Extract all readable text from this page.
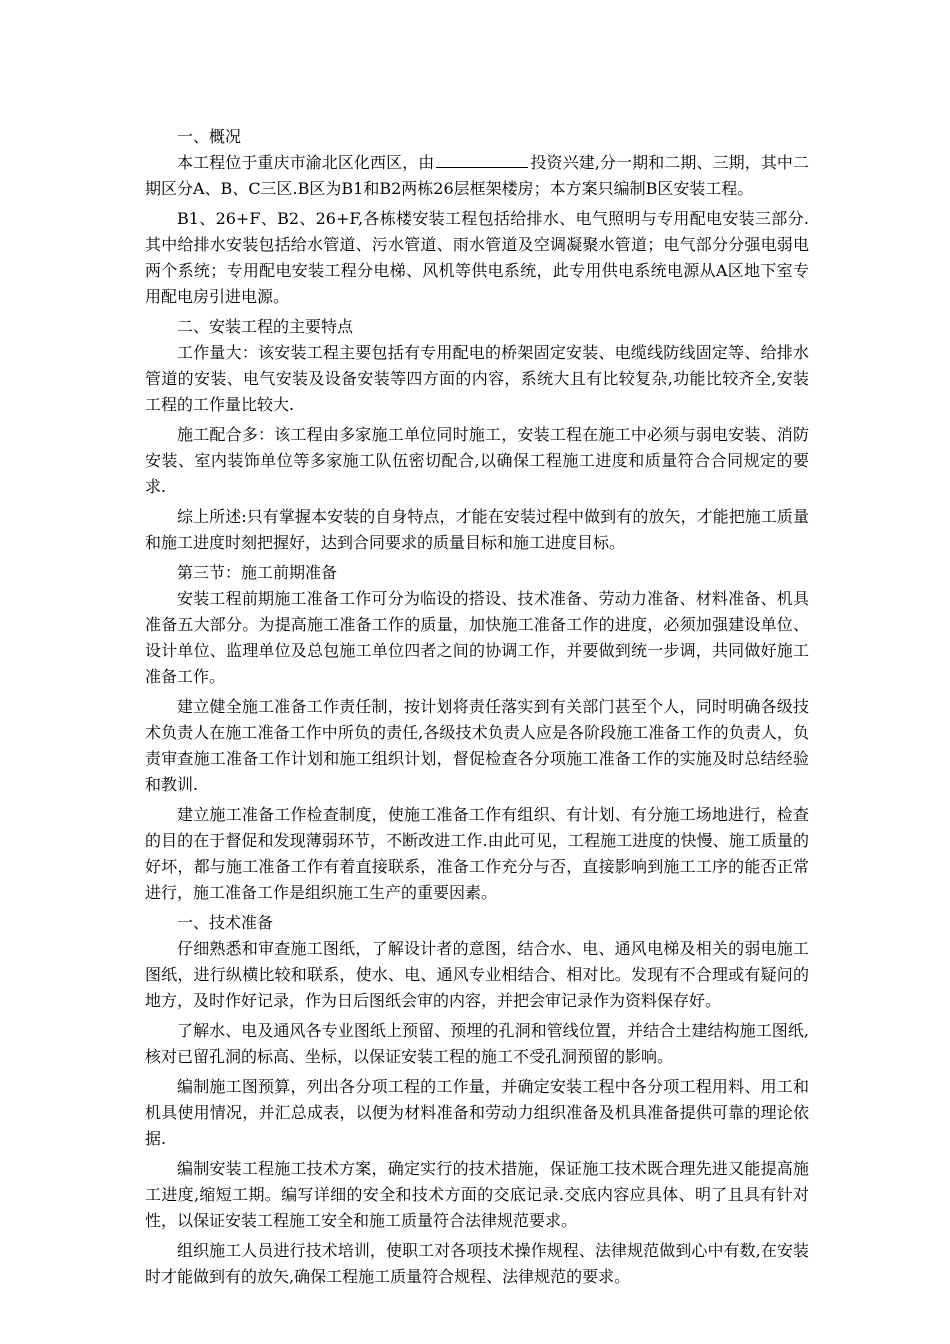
一、概况

本工程位于重庆市渝北区化西区，由	投资兴建,分一期和二期、三期，其中二期区分A、B、C三区.B区为B1和B2两栋26层框架楼房；本方案只编制B区安装工程。

B1、26+F、B2、26+F,各栋楼安装工程包括给排水、电气照明与专用配电安装三部分.其中给排水安装包括给水管道、污水管道、雨水管道及空调凝聚水管道；电气部分分强电弱电两个系统；专用配电安装工程分电梯、风机等供电系统，此专用供电系统电源从A区地下室专用配电房引进电源。

二、安装工程的主要特点

工作量大：该安装工程主要包括有专用配电的桥架固定安装、电缆线防线固定等、给排水管道的安装、电气安装及设备安装等四方面的内容，系统大且有比较复杂,功能比较齐全,安装工程的工作量比较大.

施工配合多：该工程由多家施工单位同时施工，安装工程在施工中必须与弱电安装、消防安装、室内装饰单位等多家施工队伍密切配合,以确保工程施工进度和质量符合合同规定的要求.

综上所述:只有掌握本安装的自身特点，才能在安装过程中做到有的放矢，才能把施工质量和施工进度时刻把握好，达到合同要求的质量目标和施工进度目标。

第三节：施工前期准备

安装工程前期施工准备工作可分为临设的搭设、技术准备、劳动力准备、材料准备、机具准备五大部分。为提高施工准备工作的质量，加快施工准备工作的进度，必须加强建设单位、设计单位、监理单位及总包施工单位四者之间的协调工作，并要做到统一步调，共同做好施工准备工作。

建立健全施工准备工作责任制，按计划将责任落实到有关部门甚至个人，同时明确各级技术负责人在施工准备工作中所负的责任,各级技术负责人应是各阶段施工准备工作的负责人，负责审查施工准备工作计划和施工组织计划，督促检查各分项施工准备工作的实施及时总结经验和教训.

建立施工准备工作检查制度，使施工准备工作有组织、有计划、有分施工场地进行，检查的目的在于督促和发现薄弱环节，不断改进工作.由此可见，工程施工进度的快慢、施工质量的好坏，都与施工准备工作有着直接联系，准备工作充分与否，直接影响到施工工序的能否正常进行，施工准备工作是组织施工生产的重要因素。

一、技术准备

仔细熟悉和审查施工图纸，了解设计者的意图，结合水、电、通风电梯及相关的弱电施工图纸，进行纵横比较和联系，使水、电、通风专业相结合、相对比。发现有不合理或有疑问的地方，及时作好记录，作为日后图纸会审的内容，并把会审记录作为资料保存好。

了解水、电及通风各专业图纸上预留、预埋的孔洞和管线位置，并结合土建结构施工图纸,核对已留孔洞的标高、坐标，以保证安装工程的施工不受孔洞预留的影响。

编制施工图预算，列出各分项工程的工作量，并确定安装工程中各分项工程用料、用工和机具使用情况，并汇总成表，以便为材料准备和劳动力组织准备及机具准备提供可靠的理论依据.

编制安装工程施工技术方案，确定实行的技术措施，保证施工技术既合理先进又能提高施工进度,缩短工期。编写详细的安全和技术方面的交底记录.交底内容应具体、明了且具有针对性，以保证安装工程施工安全和施工质量符合法律规范要求。

组织施工人员进行技术培训，使职工对各项技术操作规程、法律规范做到心中有数,在安装时才能做到有的放矢,确保工程施工质量符合规程、法律规范的要求。
